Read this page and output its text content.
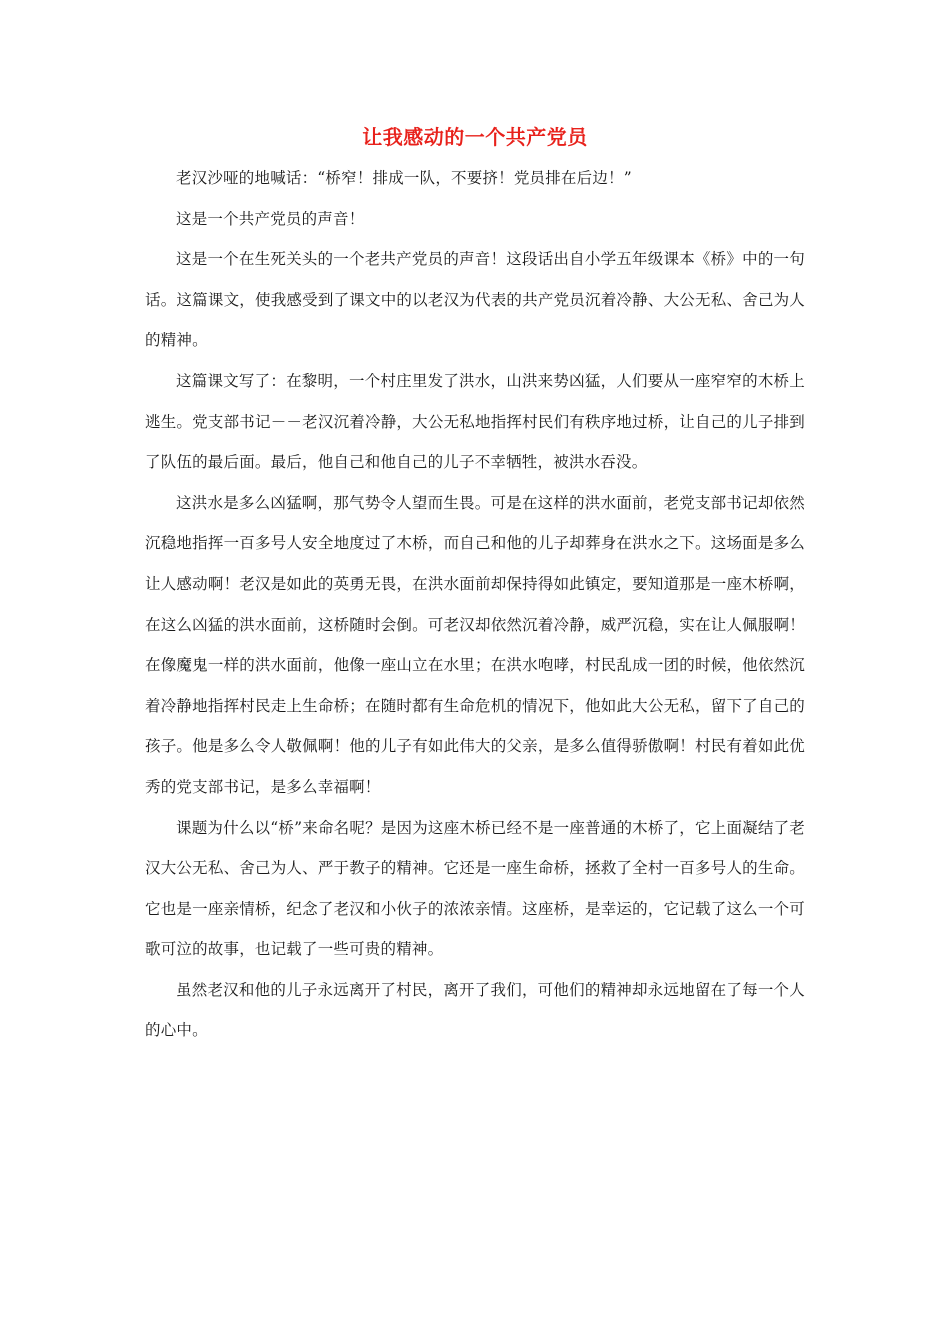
让我感动的一个共产党员

老汉沙哑的地喊话：“桥窄！排成一队，不要挤！党员排在后边！”

这是一个共产党员的声音！

这是一个在生死关头的一个老共产党员的声音！这段话出自小学五年级课本《桥》中的一句话。这篇课文，使我感受到了课文中的以老汉为代表的共产党员沉着冷静、大公无私、舍己为人的精神。

这篇课文写了：在黎明，一个村庄里发了洪水，山洪来势凶猛，人们要从一座窄窄的木桥上逃生。党支部书记－－老汉沉着冷静，大公无私地指挥村民们有秩序地过桥，让自己的儿子排到了队伍的最后面。最后，他自己和他自己的儿子不幸牺牲，被洪水吞没。

这洪水是多么凶猛啊，那气势令人望而生畏。可是在这样的洪水面前，老党支部书记却依然沉稳地指挥一百多号人安全地度过了木桥，而自己和他的儿子却葬身在洪水之下。这场面是多么让人感动啊！老汉是如此的英勇无畏，在洪水面前却保持得如此镇定，要知道那是一座木桥啊，在这么凶猛的洪水面前，这桥随时会倒。可老汉却依然沉着冷静，威严沉稳，实在让人佩服啊！在像魔鬼一样的洪水面前，他像一座山立在水里；在洪水咆哮，村民乱成一团的时候，他依然沉着冷静地指挥村民走上生命桥；在随时都有生命危机的情况下，他如此大公无私，留下了自己的孩子。他是多么令人敬佩啊！他的儿子有如此伟大的父亲，是多么值得骄傲啊！村民有着如此优秀的党支部书记，是多么幸福啊！

课题为什么以“桥”来命名呢？是因为这座木桥已经不是一座普通的木桥了，它上面凝结了老汉大公无私、舍己为人、严于教子的精神。它还是一座生命桥，拯救了全村一百多号人的生命。它也是一座亲情桥，纪念了老汉和小伙子的浓浓亲情。这座桥，是幸运的，它记载了这么一个可歌可泣的故事，也记载了一些可贵的精神。

虽然老汉和他的儿子永远离开了村民，离开了我们，可他们的精神却永远地留在了每一个人的心中。
